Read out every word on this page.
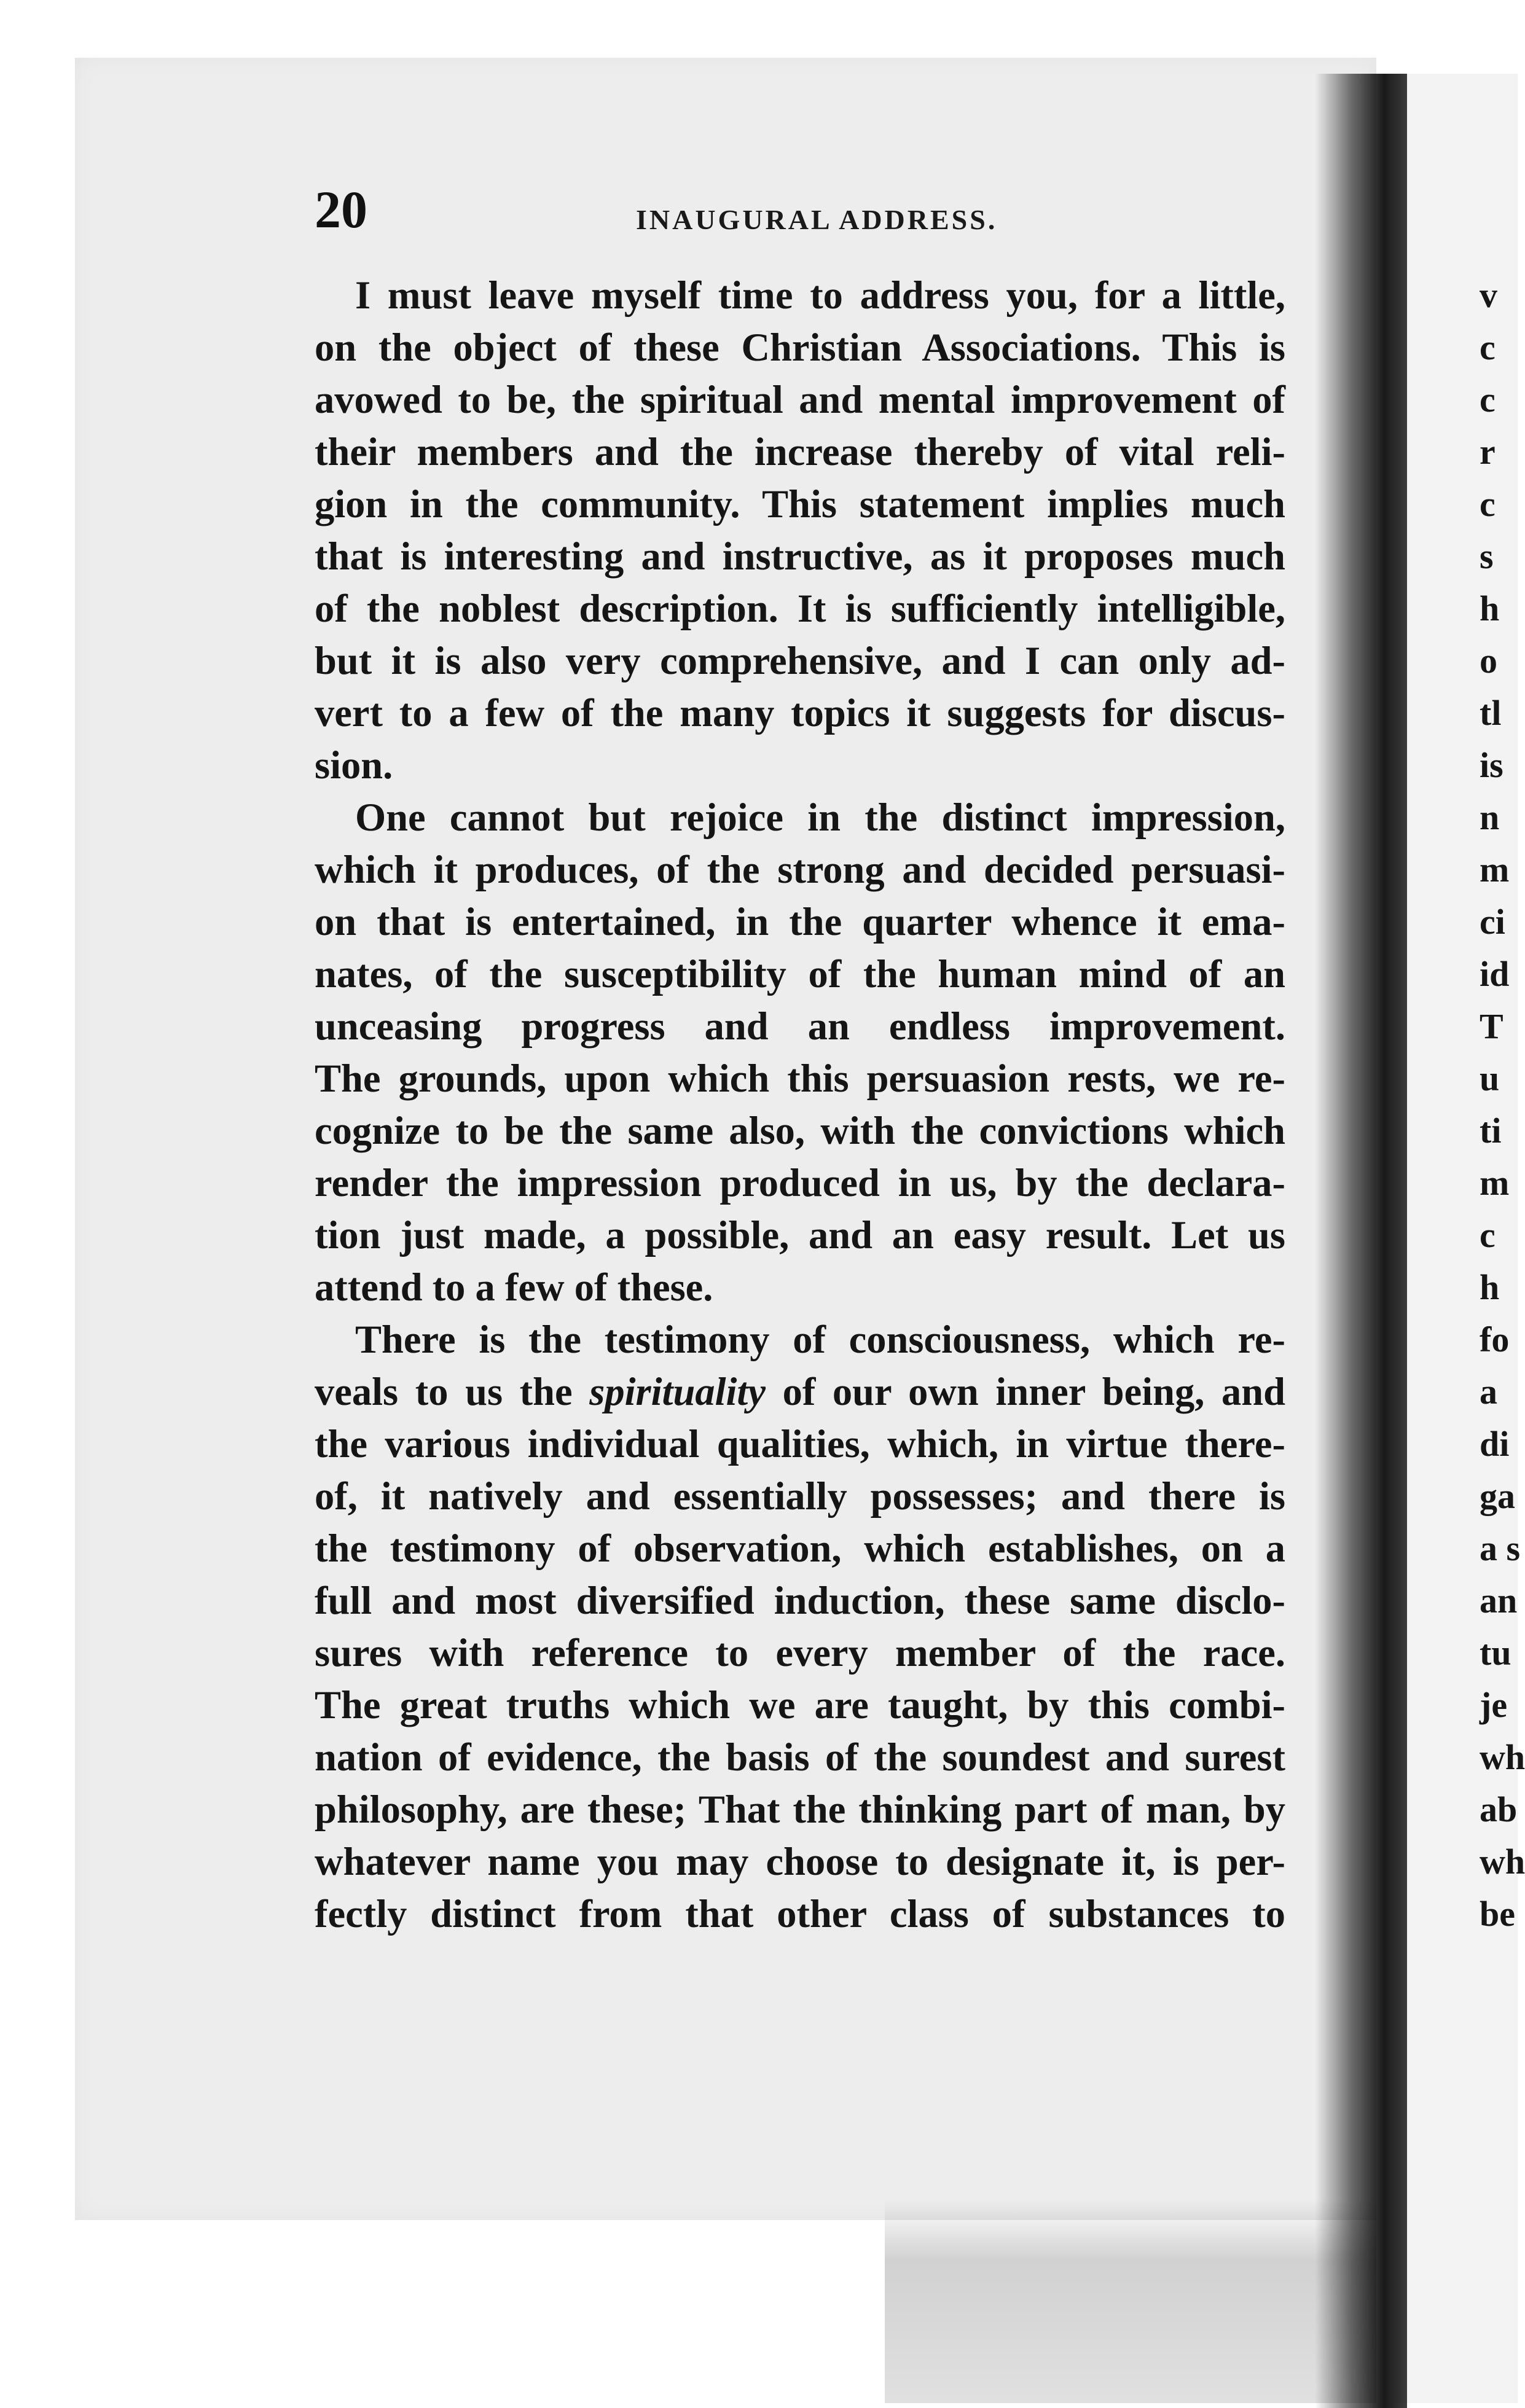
20	INAUGURAL ADDRESS.
I must leave myself time to address you, for a little,
on the object of these Christian Associations. This is
avowed to be, the spiritual and mental improvement of
their members and the increase thereby of vital reli-
gion in the community. This statement implies much
that is interesting and instructive, as it proposes much
of the noblest description. It is sufficiently intelligible,
but it is also very comprehensive, and I can only ad-
vert to a few of the many topics it suggests for discus-
sion.
One cannot but rejoice in the distinct impression,
which it produces, of the strong and decided persuasi-
on that is entertained, in the quarter whence it ema-
nates, of the susceptibility of the human mind of an
unceasing progress and an endless improvement.
The grounds, upon which this persuasion rests, we re-
cognize to be the same also, with the convictions which
render the impression produced in us, by the declara-
tion just made, a possible, and an easy result. Let us
attend to a few of these.
There is the testimony of consciousness, which re-
veals to us the spirituality of our own inner being, and
the various individual qualities, which, in virtue there-
of, it natively and essentially possesses; and there is
the testimony of observation, which establishes, on a
full and most diversified induction, these same disclo-
sures with reference to every member of the race.
The great truths which we are taught, by this combi-
nation of evidence, the basis of the soundest and surest
philosophy, are these; That the thinking part of man, by
whatever name you may choose to designate it, is per-
fectly distinct from that other class of substances to
v
c
c
r
c
s
h
o
tl
is
n
m
ci
id
T
u
ti
m
c
h
fo
a
di
ga
a s
an
tu
je
wh
ab
wh
be
